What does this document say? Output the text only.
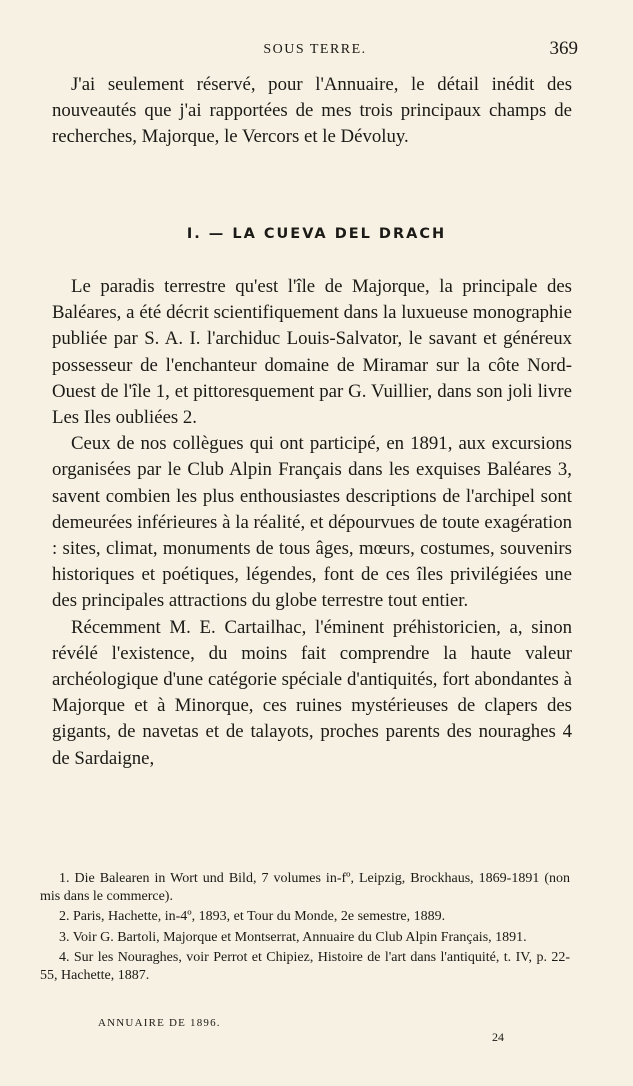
SOUS TERRE.	369

J'ai seulement réservé, pour l'Annuaire, le détail inédit des nouveautés que j'ai rapportées de mes trois principaux champs de recherches, Majorque, le Vercors et le Dévoluy.

I. — LA CUEVA DEL DRACH

Le paradis terrestre qu'est l'île de Majorque, la principale des Baléares, a été décrit scientifiquement dans la luxueuse monographie publiée par S. A. I. l'archiduc Louis-Salvator, le savant et généreux possesseur de l'enchanteur domaine de Miramar sur la côte Nord-Ouest de l'île 1, et pittoresquement par G. Vuillier, dans son joli livre Les Iles oubliées 2.

Ceux de nos collègues qui ont participé, en 1891, aux excursions organisées par le Club Alpin Français dans les exquises Baléares 3, savent combien les plus enthousiastes descriptions de l'archipel sont demeurées inférieures à la réalité, et dépourvues de toute exagération : sites, climat, monuments de tous âges, mœurs, costumes, souvenirs historiques et poétiques, légendes, font de ces îles privilégiées une des principales attractions du globe terrestre tout entier.

Récemment M. E. Cartailhac, l'éminent préhistoricien, a, sinon révélé l'existence, du moins fait comprendre la haute valeur archéologique d'une catégorie spéciale d'antiquités, fort abondantes à Majorque et à Minorque, ces ruines mystérieuses de clapers des gigants, de navetas et de talayots, proches parents des nouraghes 4 de Sardaigne,

1. Die Balearen in Wort und Bild, 7 volumes in-fº, Leipzig, Brockhaus, 1869-1891 (non mis dans le commerce).

2. Paris, Hachette, in-4º, 1893, et Tour du Monde, 2e semestre, 1889.

3. Voir G. Bartoli, Majorque et Montserrat, Annuaire du Club Alpin Français, 1891.

4. Sur les Nouraghes, voir Perrot et Chipiez, Histoire de l'art dans l'antiquité, t. IV, p. 22-55, Hachette, 1887.

ANNUAIRE DE 1896.
24
